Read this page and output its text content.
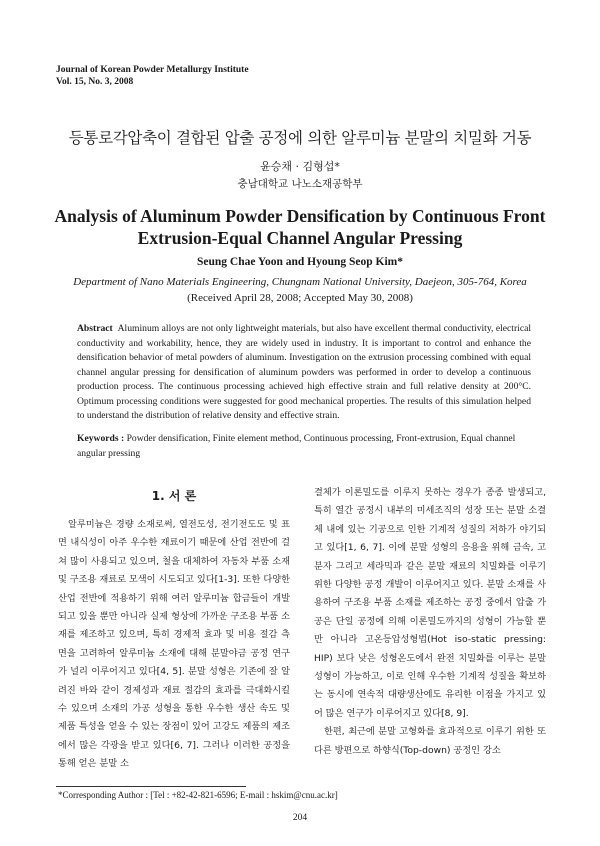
Journal of Korean Powder Metallurgy Institute
Vol. 15, No. 3, 2008
등통로각압축이 결합된 압출 공정에 의한 알루미늄 분말의 치밀화 거동
윤승채 · 김형섭*
충남대학교 나노소재공학부
Analysis of Aluminum Powder Densification by Continuous Front Extrusion-Equal Channel Angular Pressing
Seung Chae Yoon and Hyoung Seop Kim*
Department of Nano Materials Engineering, Chungnam National University, Daejeon, 305-764, Korea
(Received April 28, 2008; Accepted May 30, 2008)
Abstract Aluminum alloys are not only lightweight materials, but also have excellent thermal conductivity, electrical conductivity and workability, hence, they are widely used in industry. It is important to control and enhance the densification behavior of metal powders of aluminum. Investigation on the extrusion processing combined with equal channel angular pressing for densification of aluminum powders was performed in order to develop a continuous production process. The continuous processing achieved high effective strain and full relative density at 200°C. Optimum processing conditions were suggested for good mechanical properties. The results of this simulation helped to understand the distribution of relative density and effective strain.
Keywords : Powder densification, Finite element method, Continuous processing, Front-extrusion, Equal channel angular pressing
1. 서 론

알루미늄은 경량 소재로써, 열전도성, 전기전도도 및 표면 내식성이 아주 우수한 재료이기 때문에 산업 전반에 걸쳐 많이 사용되고 있으며, 철을 대체하여 자동차 부품 소재 및 구조용 재료로 모색이 시도되고 있다[1-3]. 또한 다양한 산업 전반에 적용하기 위해 여러 알루미늄 합금들이 개발되고 있을 뿐만 아니라 실제 형상에 가까운 구조용 부품 소재를 제조하고 있으며, 특히 경제적 효과 및 비용 절감 측면을 고려하여 알루미늄 소재에 대해 분말야금 공정 연구가 널리 이루어지고 있다[4, 5]. 분말 성형은 기존에 잘 알려진 바와 같이 경제성과 재료 절감의 효과를 극대화시킬 수 있으며 소재의 가공 성형을 통한 우수한 생산 속도 및 제품 특성을 얻을 수 있는 장점이 있어 고강도 제품의 제조에서 많은 각광을 받고 있다[6, 7]. 그러나 이러한 공정을 통해 얻은 분말 소

결체가 이론밀도를 이루지 못하는 경우가 종종 발생되고, 특히 열간 공정시 내부의 미세조직의 성장 또는 분말 소결체 내에 있는 기공으로 인한 기계적 성질의 저하가 야기되고 있다[1, 6, 7]. 이에 분말 성형의 응용을 위해 금속, 고분자 그리고 세라믹과 같은 분말 재료의 치밀화를 이루기 위한 다양한 공정 개발이 이루어지고 있다. 분말 소재를 사용하여 구조용 부품 소재를 제조하는 공정 중에서 압출 가공은 단일 공정에 의해 이론밀도까지의 성형이 가능할 뿐만 아니라 고온등압성형법(Hot iso-static pressing: HIP) 보다 낮은 성형온도에서 완전 치밀화를 이루는 분말성형이 가능하고, 이로 인해 우수한 기계적 성질을 확보하는 동시에 연속적 대량생산에도 유리한 이점을 가지고 있어 많은 연구가 이루어지고 있다[8, 9].

한편, 최근에 분말 고형화를 효과적으로 이루기 위한 또 다른 방편으로 하향식(Top-down) 공정인 강소

*Corresponding Author : [Tel : +82-42-821-6596; E-mail : hskim@cnu.ac.kr]
204
